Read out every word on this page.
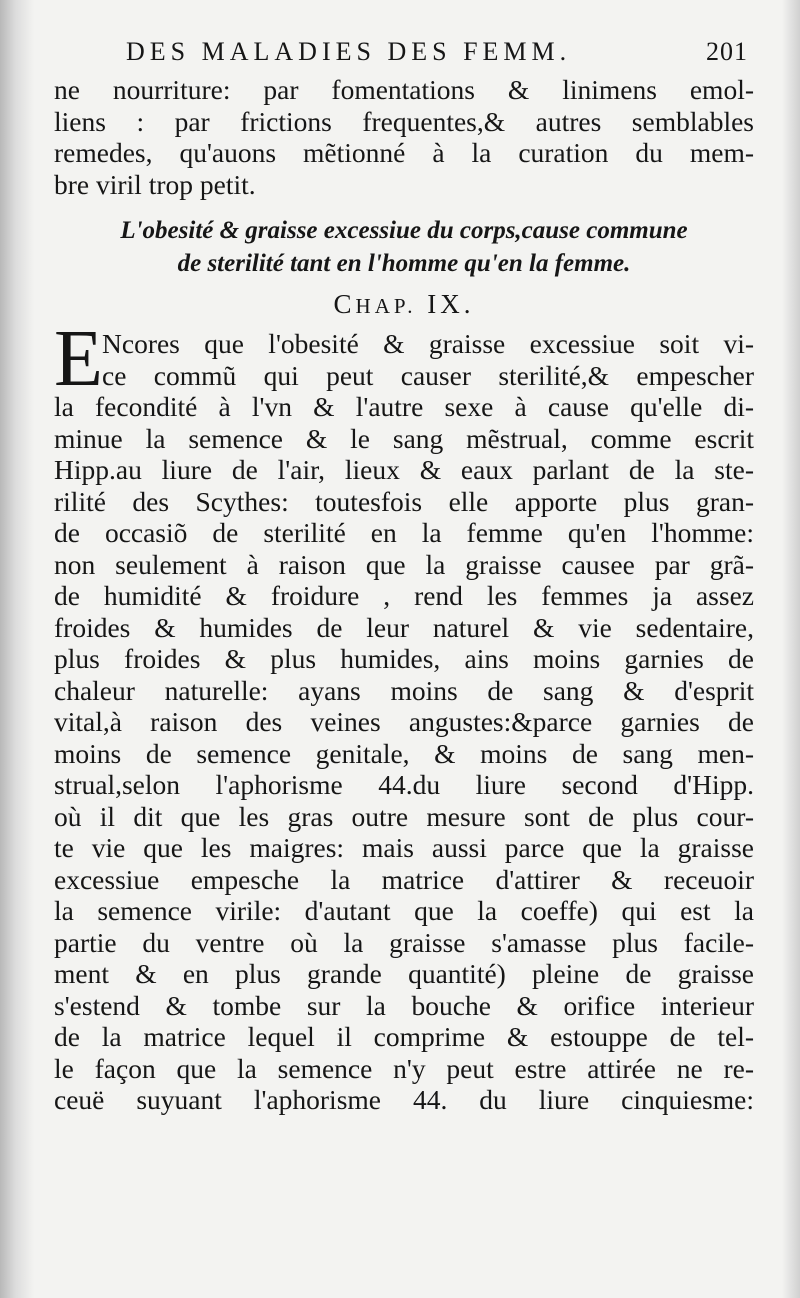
DES MALADIES DES FEMM.	201
ne nourriture: par fomentations & linimens emol-
liens : par frictions frequentes,& autres semblables
remedes, qu'auons mẽtionné à la curation du mem-
bre viril trop petit.
L'obesité & graisse excessiue du corps,cause commune
de sterilité tant en l'homme qu'en la femme.
CHAP. IX.
E Ncores que l'obesité & graisse excessiue soit vi-
ce commũ qui peut causer sterilité,& empescher
la fecondité à l'vn & l'autre sexe à cause qu'elle di-
minue la semence & le sang mẽstrual, comme escrit
Hipp.au liure de l'air, lieux & eaux parlant de la ste-
rilité des Scythes: toutesfois elle apporte plus gran-
de occasiõ de sterilité en la femme qu'en l'homme:
non seulement à raison que la graisse causee par grã-
de humidité & froidure , rend les femmes ja assez
froides & humides de leur naturel & vie sedentaire,
plus froides & plus humides, ains moins garnies de
chaleur naturelle: ayans moins de sang & d'esprit
vital,à raison des veines angustes:&parce garnies de
moins de semence genitale, & moins de sang men-
strual,selon l'aphorisme 44.du liure second d'Hipp.
où il dit que les gras outre mesure sont de plus cour-
te vie que les maigres: mais aussi parce que la graisse
excessiue empesche la matrice d'attirer & receuoir
la semence virile: d'autant que la coeffe) qui est la
partie du ventre où la graisse s'amasse plus facile-
ment & en plus grande quantité) pleine de graisse
s'estend & tombe sur la bouche & orifice interieur
de la matrice lequel il comprime & estouppe de tel-
le façon que la semence n'y peut estre attirée ne re-
ceuë suyuant l'aphorisme 44. du liure cinquiesme:
